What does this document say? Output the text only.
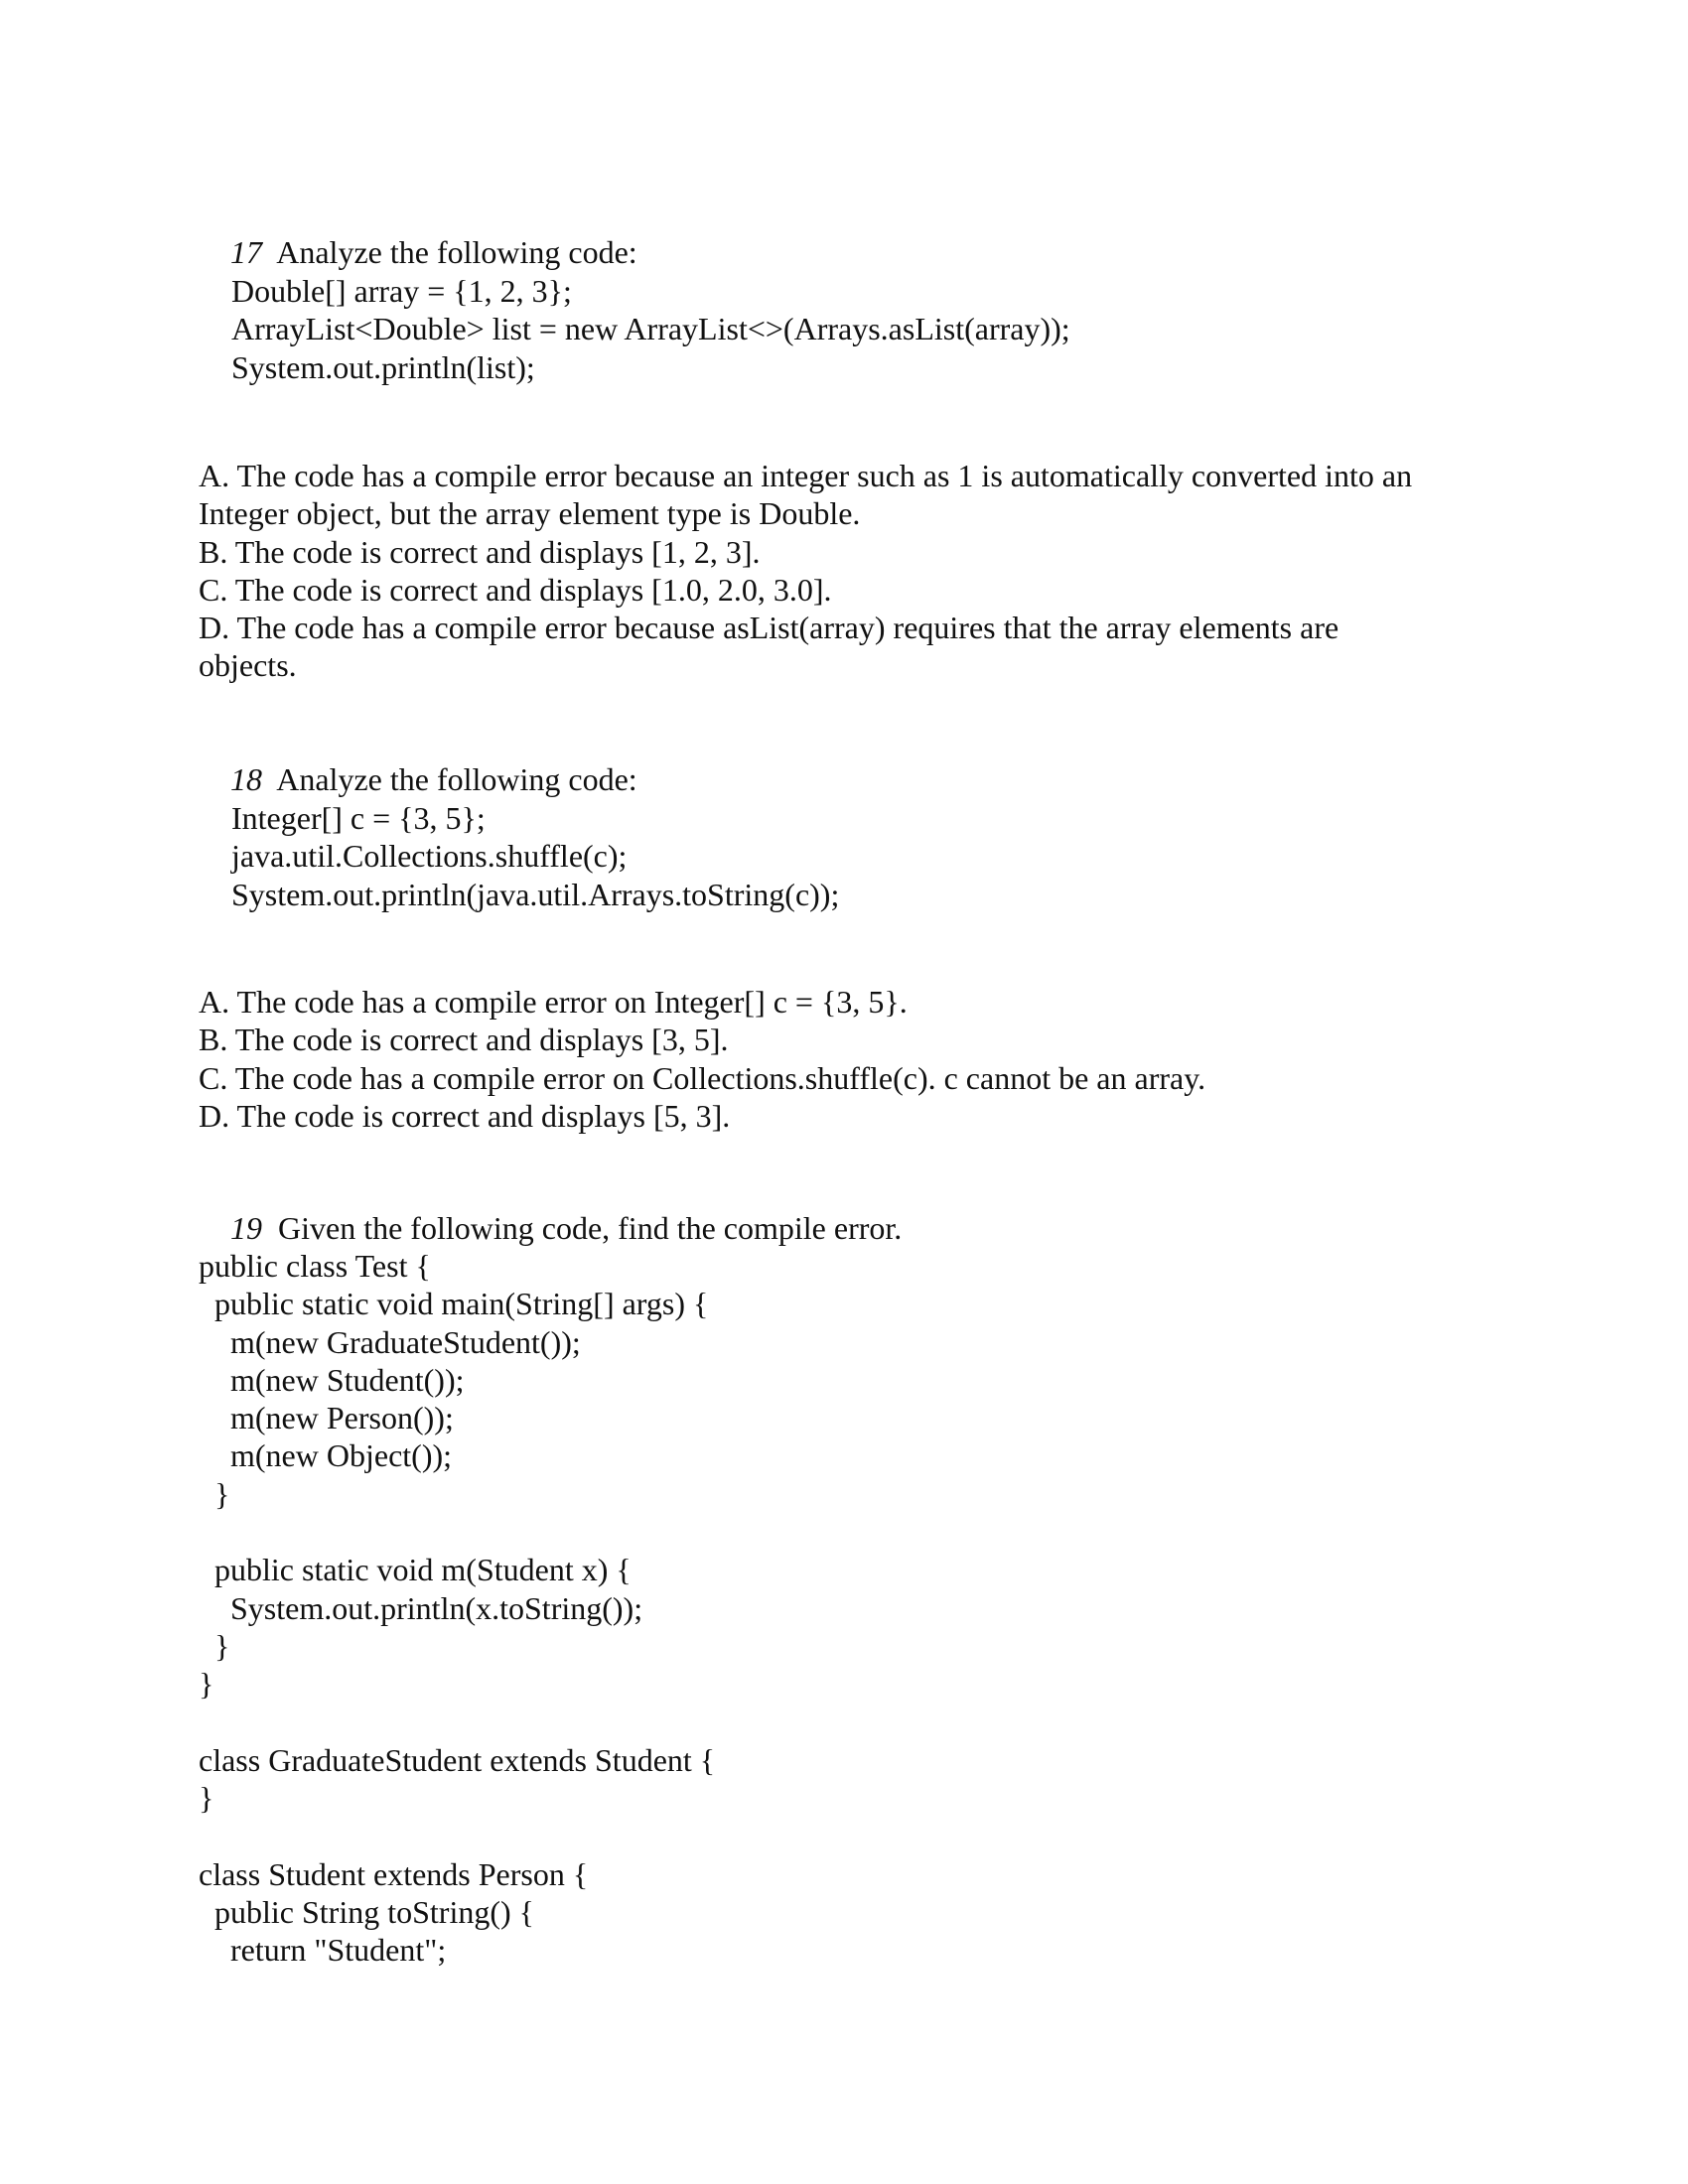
17 Analyze the following code:

Double[] array = {1, 2, 3};
ArrayList<Double> list = new ArrayList<>(Arrays.asList(array));
System.out.println(list);
A. The code has a compile error because an integer such as 1 is automatically converted into an
Integer object, but the array element type is Double.
B. The code is correct and displays [1, 2, 3].
C. The code is correct and displays [1.0, 2.0, 3.0].
D. The code has a compile error because asList(array) requires that the array elements are
objects.

18 Analyze the following code:

Integer[] c = {3, 5};
java.util.Collections.shuffle(c);
System.out.println(java.util.Arrays.toString(c));
A. The code has a compile error on Integer[] c = {3, 5}.
B. The code is correct and displays [3, 5].
C. The code has a compile error on Collections.shuffle(c). c cannot be an array.
D. The code is correct and displays [5, 3].

19 Given the following code, find the compile error.

public class Test {
public static void main(String[] args) {
m(new GraduateStudent());
m(new Student());
m(new Person());
m(new Object());
}
public static void m(Student x) {
System.out.println(x.toString());
}
}
class GraduateStudent extends Student {
}
class Student extends Person {
public String toString() {
return "Student";
